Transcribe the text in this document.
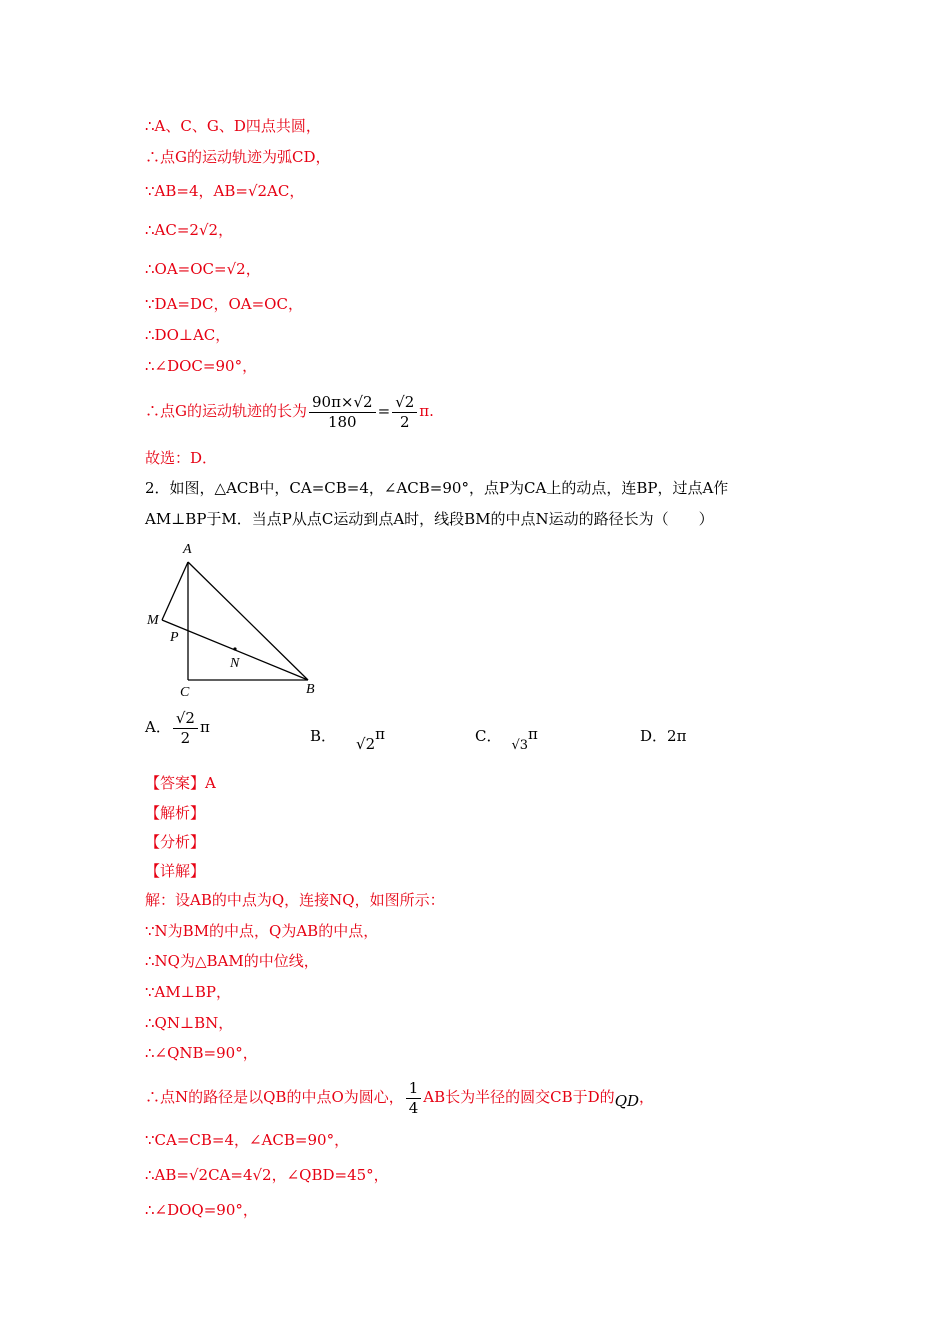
∴A、C、G、D四点共圆，
∴点G的运动轨迹为弧CD，
∵AB=4，AB=√2AC，
∴AC=2√2，
∴OA=OC=√2，
∵DA=DC，OA=OC，
∴DO⊥AC，
∴∠DOC=90°，
∴点G的运动轨迹的长为 $\frac{90\pi\times√2}{180} = \frac{√2}{2} \pi$.
故选：D．
2．如图，△ACB中，CA=CB=4，∠ACB=90°，点P为CA上的动点，连BP，过点A作
AM⊥BP于M．当点P从点C运动到点A时，线段BM的中点N运动的路径长为（　　）
A
M
P
N
C	B
A． $\frac{√2}{2}$ π	B． √2π	C．√3π	D．2π
【答案】A
【解析】
【分析】
【详解】
解：设AB的中点为Q，连接NQ，如图所示：
∵N为BM的中点，Q为AB的中点，
∴NQ为△BAM的中位线，
∵AM⊥BP，
∴QN⊥BN，
∴∠QNB=90°，
∴点N的路径是以QB的中点O为圆心， $\frac{1}{4}$ AB长为半径的圆交CB于D的QD，
∵CA=CB=4，∠ACB=90°，
∴AB=√2CA=4√2，∠QBD=45°，
∴∠DOQ=90°，
